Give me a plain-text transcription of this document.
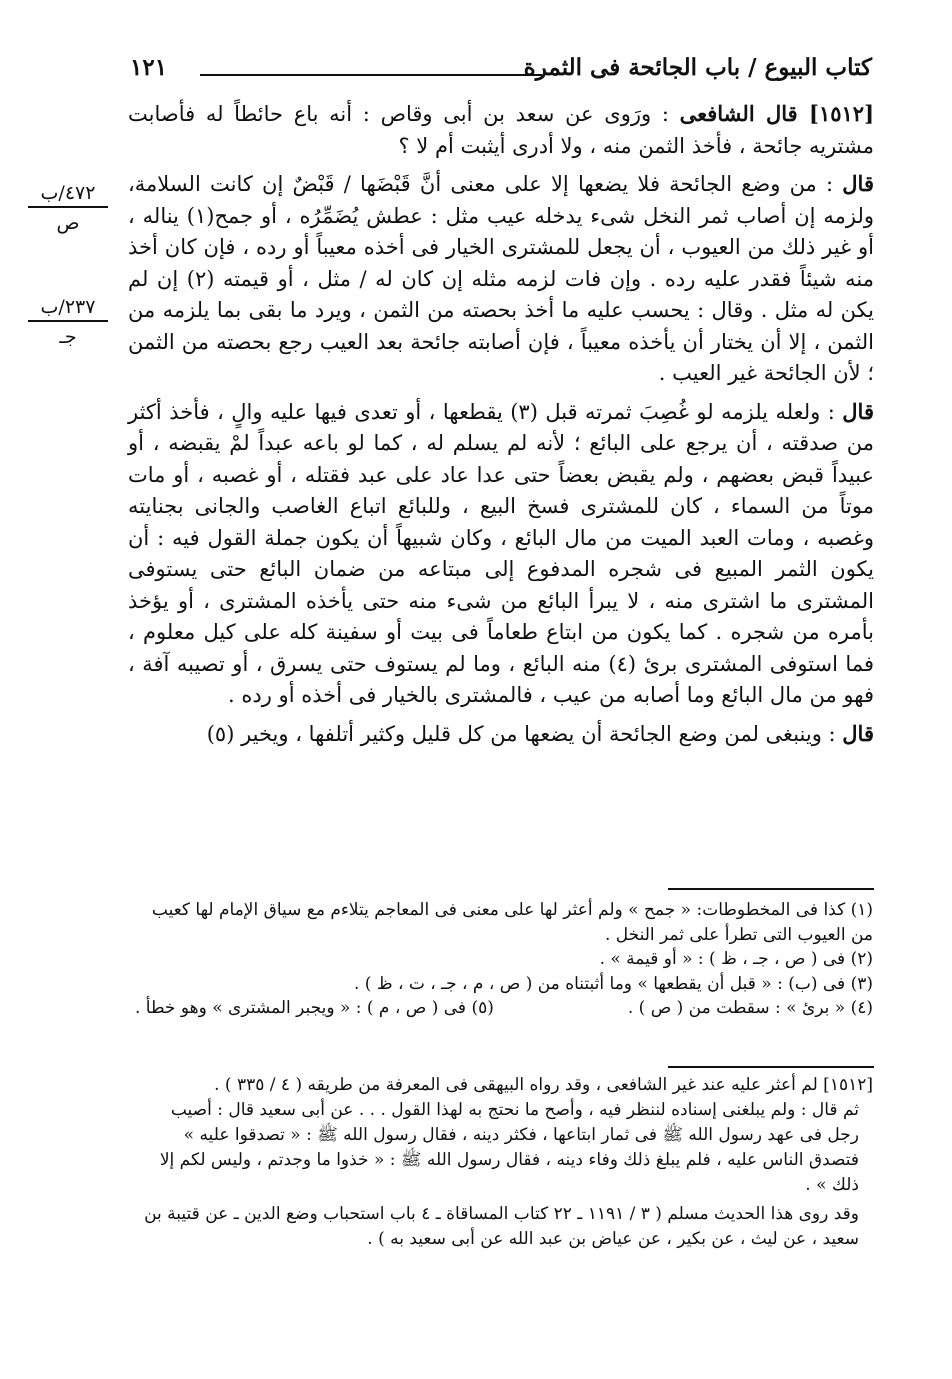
كتاب البيوع / باب الجائحة فى الثمرة
١٢١
٤٧٢/ب
ص
٢٣٧/ب
جـ

[١٥١٢] قال الشافعى : ورَوى عن سعد بن أبى وقاص : أنه باع حائطاً له فأصابت مشتريه جائحة ، فأخذ الثمن منه ، ولا أدرى أيثبت أم لا ؟

قال : من وضع الجائحة فلا يضعها إلا على معنى أنَّ قَبْضَها / قَبْضٌ إن كانت السلامة، ولزمه إن أصاب ثمر النخل شىء يدخله عيب مثل : عطش يُضَمِّرُه ، أو جمح(١) يناله ، أو غير ذلك من العيوب ، أن يجعل للمشترى الخيار فى أخذه معيباً أو رده ، فإن كان أخذ منه شيئاً فقدر عليه رده . وإن فات لزمه مثله إن كان له / مثل ، أو قيمته (٢) إن لم يكن له مثل . وقال : يحسب عليه ما أخذ بحصته من الثمن ، ويرد ما بقى بما يلزمه من الثمن ، إلا أن يختار أن يأخذه معيباً ، فإن أصابته جائحة بعد العيب رجع بحصته من الثمن ؛ لأن الجائحة غير العيب .

قال : ولعله يلزمه لو غُصِبَ ثمرته قبل (٣) يقطعها ، أو تعدى فيها عليه والٍ ، فأخذ أكثر من صدقته ، أن يرجع على البائع ؛ لأنه لم يسلم له ، كما لو باعه عبداً لمْ يقبضه ، أو عبيداً قبض بعضهم ، ولم يقبض بعضاً حتى عدا عاد على عبد فقتله ، أو غصبه ، أو مات موتاً من السماء ، كان للمشترى فسخ البيع ، وللبائع اتباع الغاصب والجانى بجنايته وغصبه ، ومات العبد الميت من مال البائع ، وكان شبيهاً أن يكون جملة القول فيه : أن يكون الثمر المبيع فى شجره المدفوع إلى مبتاعه من ضمان البائع حتى يستوفى المشترى ما اشترى منه ، لا يبرأ البائع من شىء منه حتى يأخذه المشترى ، أو يؤخذ بأمره من شجره . كما يكون من ابتاع طعاماً فى بيت أو سفينة كله على كيل معلوم ، فما استوفى المشترى برئ (٤) منه البائع ، وما لم يستوف حتى يسرق ، أو تصيبه آفة ، فهو من مال البائع وما أصابه من عيب ، فالمشترى بالخيار فى أخذه أو رده .

قال : وينبغى لمن وضع الجائحة أن يضعها من كل قليل وكثير أتلفها ، ويخير (٥)

(١) كذا فى المخطوطات: « جمح » ولم أعثر لها على معنى فى المعاجم يتلاءم مع سياق الإمام لها كعيب من العيوب التى تطرأ على ثمر النخل .

(٢) فى ( ص ، جـ ، ظ ) : « أو قيمة » .

(٣) فى (ب) : « قبل أن يقطعها » وما أثبتناه من ( ص ، م ، جـ ، ت ، ظ ) .

(٤) « برئ » : سقطت من ( ص ) .
(٥) فى ( ص ، م ) : « ويجبر المشترى » وهو خطأ .

[١٥١٢] لم أعثر عليه عند غير الشافعى ، وقد رواه البيهقى فى المعرفة من طريقه ( ٤ / ٣٣٥ ) .

ثم قال : ولم يبلغنى إسناده لننظر فيه ، وأصح ما نحتج به لهذا القول . . . عن أبى سعيد قال : أصيب رجل فى عهد رسول الله ﷺ فى ثمار ابتاعها ، فكثر دينه ، فقال رسول الله ﷺ : « تصدقوا عليه » فتصدق الناس عليه ، فلم يبلغ ذلك وفاء دينه ، فقال رسول الله ﷺ : « خذوا ما وجدتم ، وليس لكم إلا ذلك » .

وقد روى هذا الحديث مسلم ( ٣ / ١١٩١ ـ ٢٢ كتاب المساقاة ـ ٤ باب استحباب وضع الدين ـ عن قتيبة بن سعيد ، عن ليث ، عن بكير ، عن عياض بن عبد الله عن أبى سعيد به ) .
